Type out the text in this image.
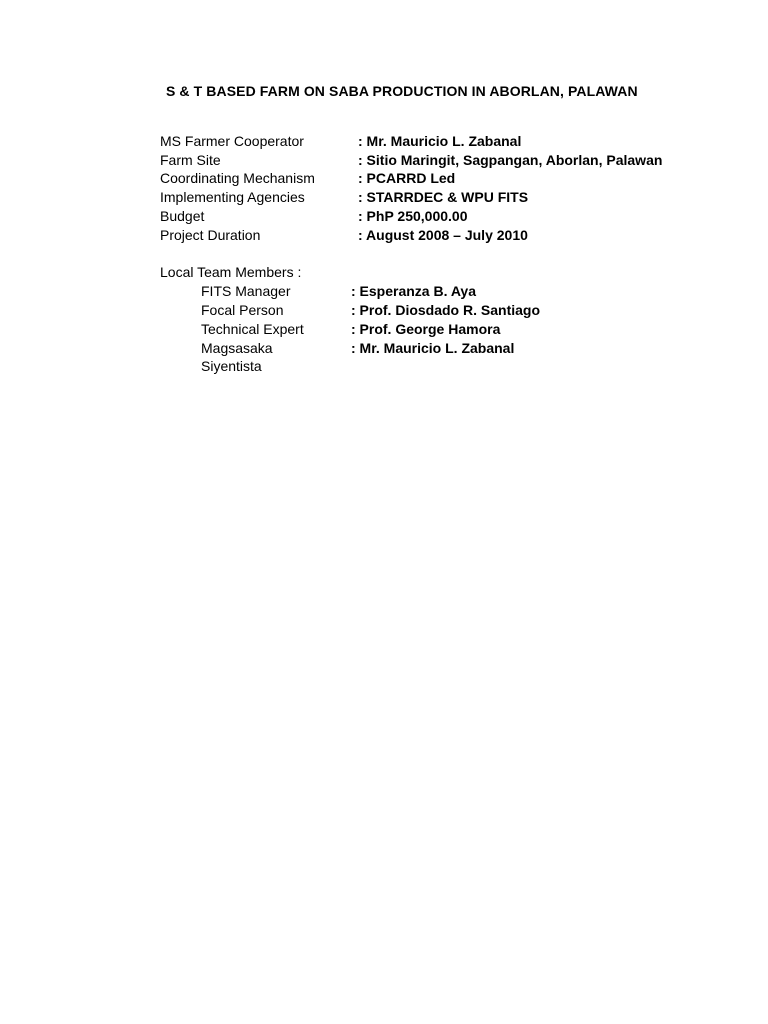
S & T BASED FARM ON SABA PRODUCTION IN ABORLAN, PALAWAN
MS Farmer Cooperator	: Mr. Mauricio L. Zabanal
Farm Site	: Sitio Maringit, Sagpangan, Aborlan, Palawan
Coordinating Mechanism	: PCARRD Led
Implementing Agencies	: STARRDEC & WPU FITS
Budget	: PhP 250,000.00
Project Duration	: August 2008 – July 2010
Local Team Members :
FITS Manager	: Esperanza B. Aya
Focal Person	: Prof. Diosdado R. Santiago
Technical Expert	: Prof. George Hamora
Magsasaka	: Mr. Mauricio L. Zabanal
Siyentista
